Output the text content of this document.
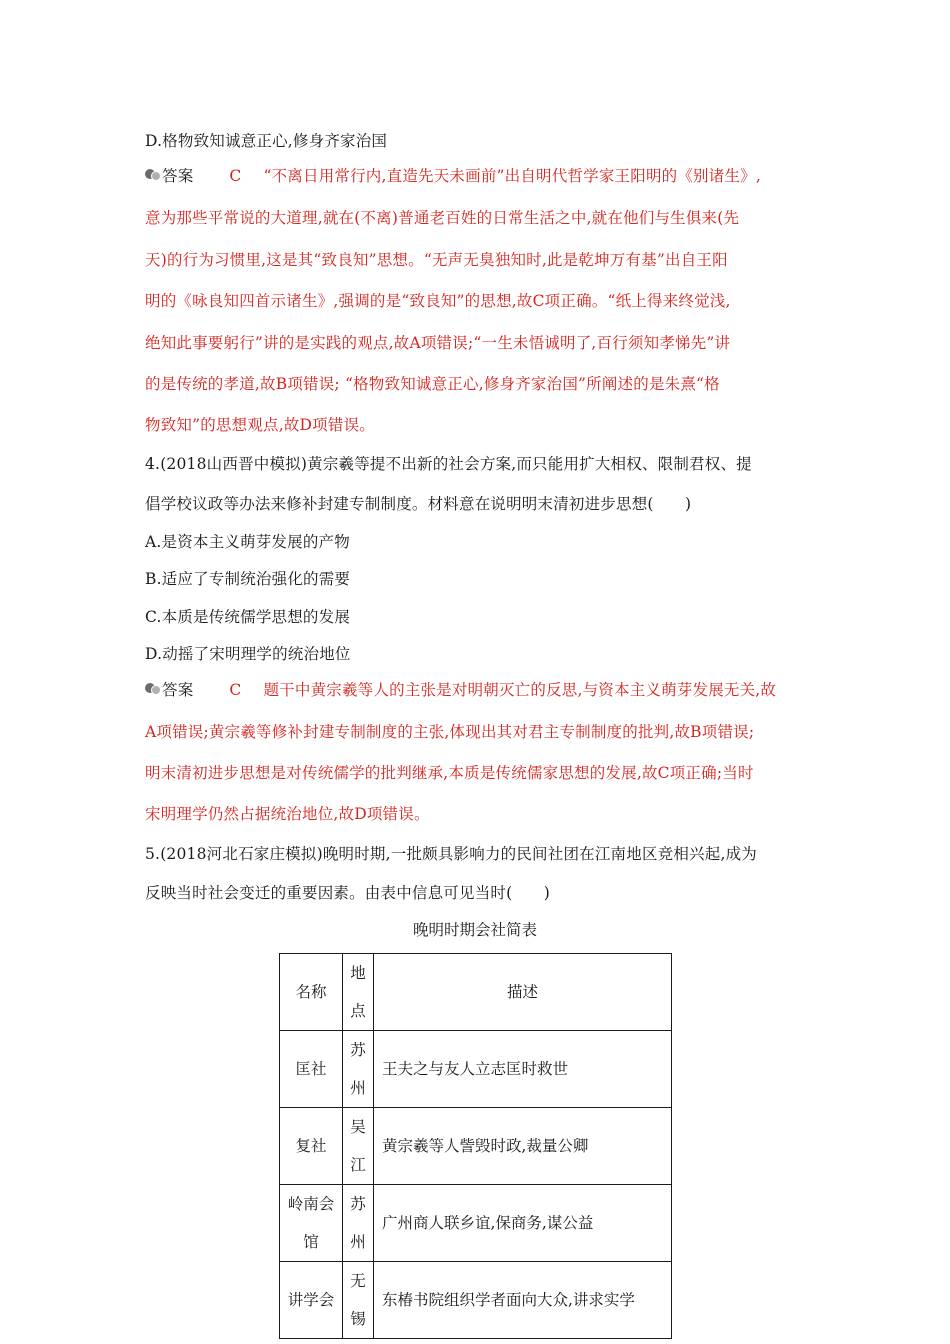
D.格物致知诚意正心,修身齐家治国
答案 C “不离日用常行内,直造先天未画前”出自明代哲学家王阳明的《别诸生》,
意为那些平常说的大道理,就在(不离)普通老百姓的日常生活之中,就在他们与生俱来(先
天)的行为习惯里,这是其“致良知”思想。“无声无臭独知时,此是乾坤万有基”出自王阳
明的《咏良知四首示诸生》,强调的是“致良知”的思想,故C项正确。“纸上得来终觉浅,
绝知此事要躬行”讲的是实践的观点,故A项错误;“一生未悟诚明了,百行须知孝悌先”讲
的是传统的孝道,故B项错误; “格物致知诚意正心,修身齐家治国”所阐述的是朱熹“格
物致知”的思想观点,故D项错误。
4.(2018山西晋中模拟)黄宗羲等提不出新的社会方案,而只能用扩大相权、限制君权、提
倡学校议政等办法来修补封建专制制度。材料意在说明明末清初进步思想(　　)
A.是资本主义萌芽发展的产物
B.适应了专制统治强化的需要
C.本质是传统儒学思想的发展
D.动摇了宋明理学的统治地位
答案 C 题干中黄宗羲等人的主张是对明朝灭亡的反思,与资本主义萌芽发展无关,故
A项错误;黄宗羲等修补封建专制制度的主张,体现出其对君主专制制度的批判,故B项错误;
明末清初进步思想是对传统儒学的批判继承,本质是传统儒家思想的发展,故C项正确;当时
宋明理学仍然占据统治地位,故D项错误。
5.(2018河北石家庄模拟)晚明时期,一批颇具影响力的民间社团在江南地区竞相兴起,成为
反映当时社会变迁的重要因素。由表中信息可见当时(　　)
晚明时期会社简表
名称	地点	描述
匡社	苏州	王夫之与友人立志匡时救世
复社	吴江	黄宗羲等人訾毁时政,裁量公卿
岭南会馆	苏州	广州商人联乡谊,保商务,谋公益
讲学会	无锡	东椿书院组织学者面向大众,讲求实学
